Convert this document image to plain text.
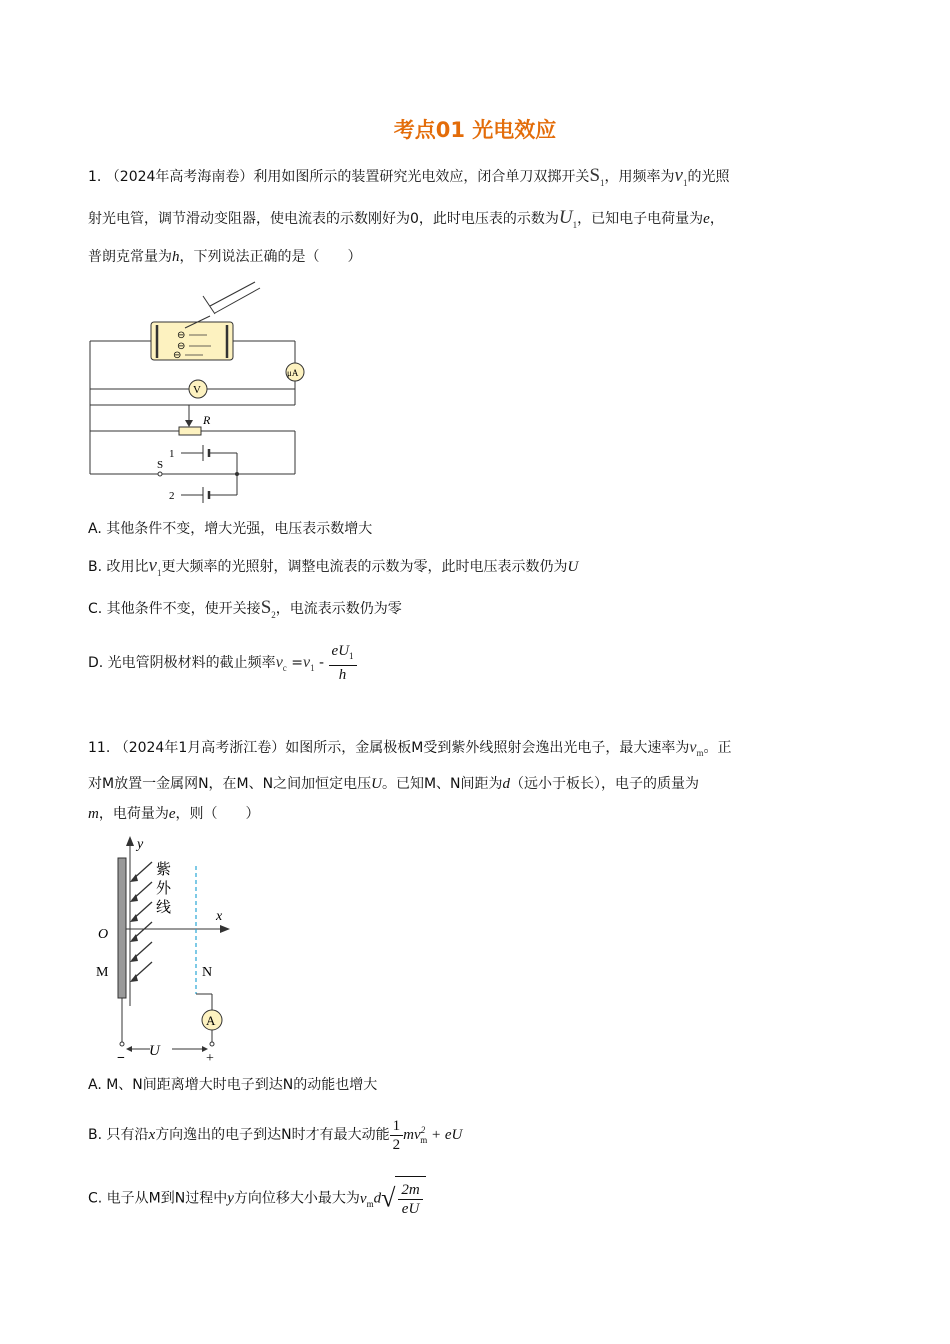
考点01 光电效应
1. （2024年高考海南卷）利用如图所示的装置研究光电效应，闭合单刀双掷开关$S_1$，用频率为$v_1$的光照
射光电管，调节滑动变阻器，使电流表的示数刚好为0，此时电压表的示数为$U_1$，已知电子电荷量为e，
普朗克常量为h，下列说法正确的是（　　）
⊖
⊖
⊖
μA
V
R
1
S
2
A. 其他条件不变，增大光强，电压表示数增大
B. 改用比$v_1$更大频率的光照射，调整电流表的示数为零，此时电压表示数仍为U
C. 其他条件不变，使开关接$S_2$，电流表示数仍为零
D. 光电管阴极材料的截止频率$v_c =v_1 - \frac{eU_1}{h}$
11. （2024年1月高考浙江卷）如图所示，金属极板M受到紫外线照射会逸出光电子，最大速率为$v_m$。正
对M放置一金属网N，在M、N之间加恒定电压U。已知M、N间距为d（远小于板长），电子的质量为
m，电荷量为e，则（　　）
y
x
O
M
紫
外
线
N
A
U
−	+
A. M、N间距离增大时电子到达N的动能也增大
B. 只有沿x方向逸出的电子到达N时才有最大动能 $\frac{1}{2} mv^2_m$ + eU
C. 电子从M到N过程中y方向位移大小最大为$v_md√ \frac{2m}{eU}$
